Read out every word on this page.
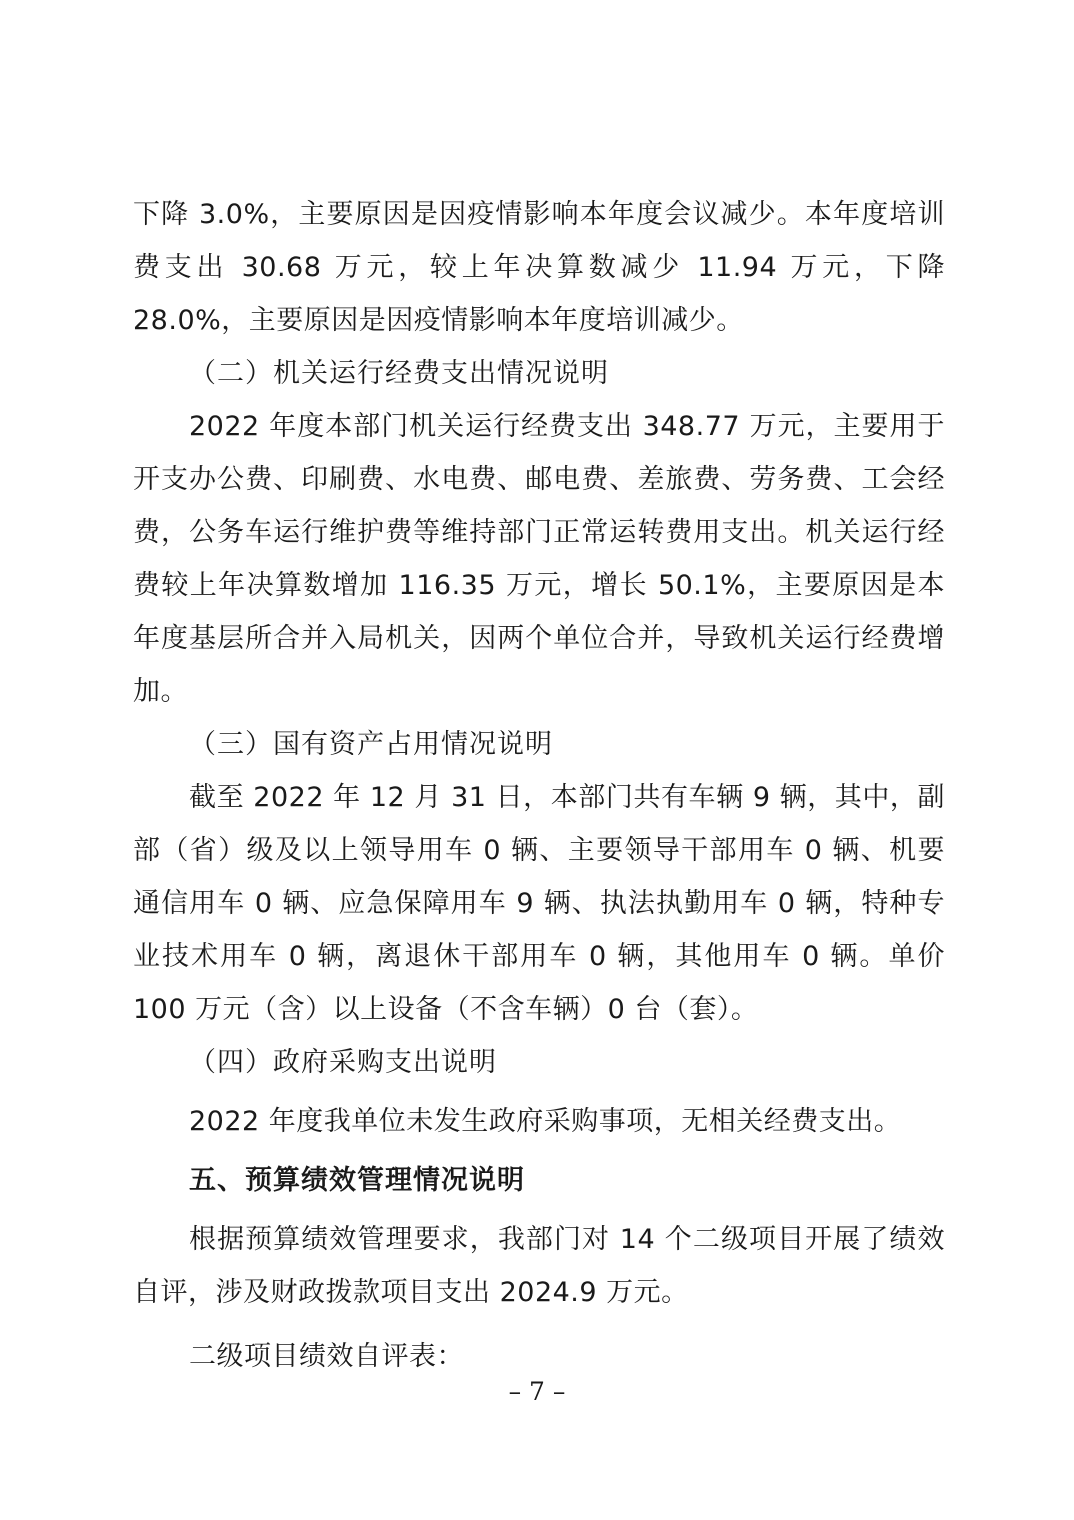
下降 3.0%，主要原因是因疫情影响本年度会议减少。本年度培训费支出 30.68 万元，较上年决算数减少 11.94 万元，下降 28.0%，主要原因是因疫情影响本年度培训减少。

（二）机关运行经费支出情况说明

2022 年度本部门机关运行经费支出 348.77 万元，主要用于开支办公费、印刷费、水电费、邮电费、差旅费、劳务费、工会经费，公务车运行维护费等维持部门正常运转费用支出。机关运行经费较上年决算数增加 116.35 万元，增长 50.1%，主要原因是本年度基层所合并入局机关，因两个单位合并，导致机关运行经费增加。

（三）国有资产占用情况说明

截至 2022 年 12 月 31 日，本部门共有车辆 9 辆，其中，副部（省）级及以上领导用车 0 辆、主要领导干部用车 0 辆、机要通信用车 0 辆、应急保障用车 9 辆、执法执勤用车 0 辆，特种专业技术用车 0 辆，离退休干部用车 0 辆，其他用车 0 辆。单价 100 万元（含）以上设备（不含车辆）0 台（套）。

（四）政府采购支出说明

2022 年度我单位未发生政府采购事项，无相关经费支出。

五、预算绩效管理情况说明

根据预算绩效管理要求，我部门对 14 个二级项目开展了绩效自评，涉及财政拨款项目支出 2024.9 万元。

二级项目绩效自评表：

– 7 –
